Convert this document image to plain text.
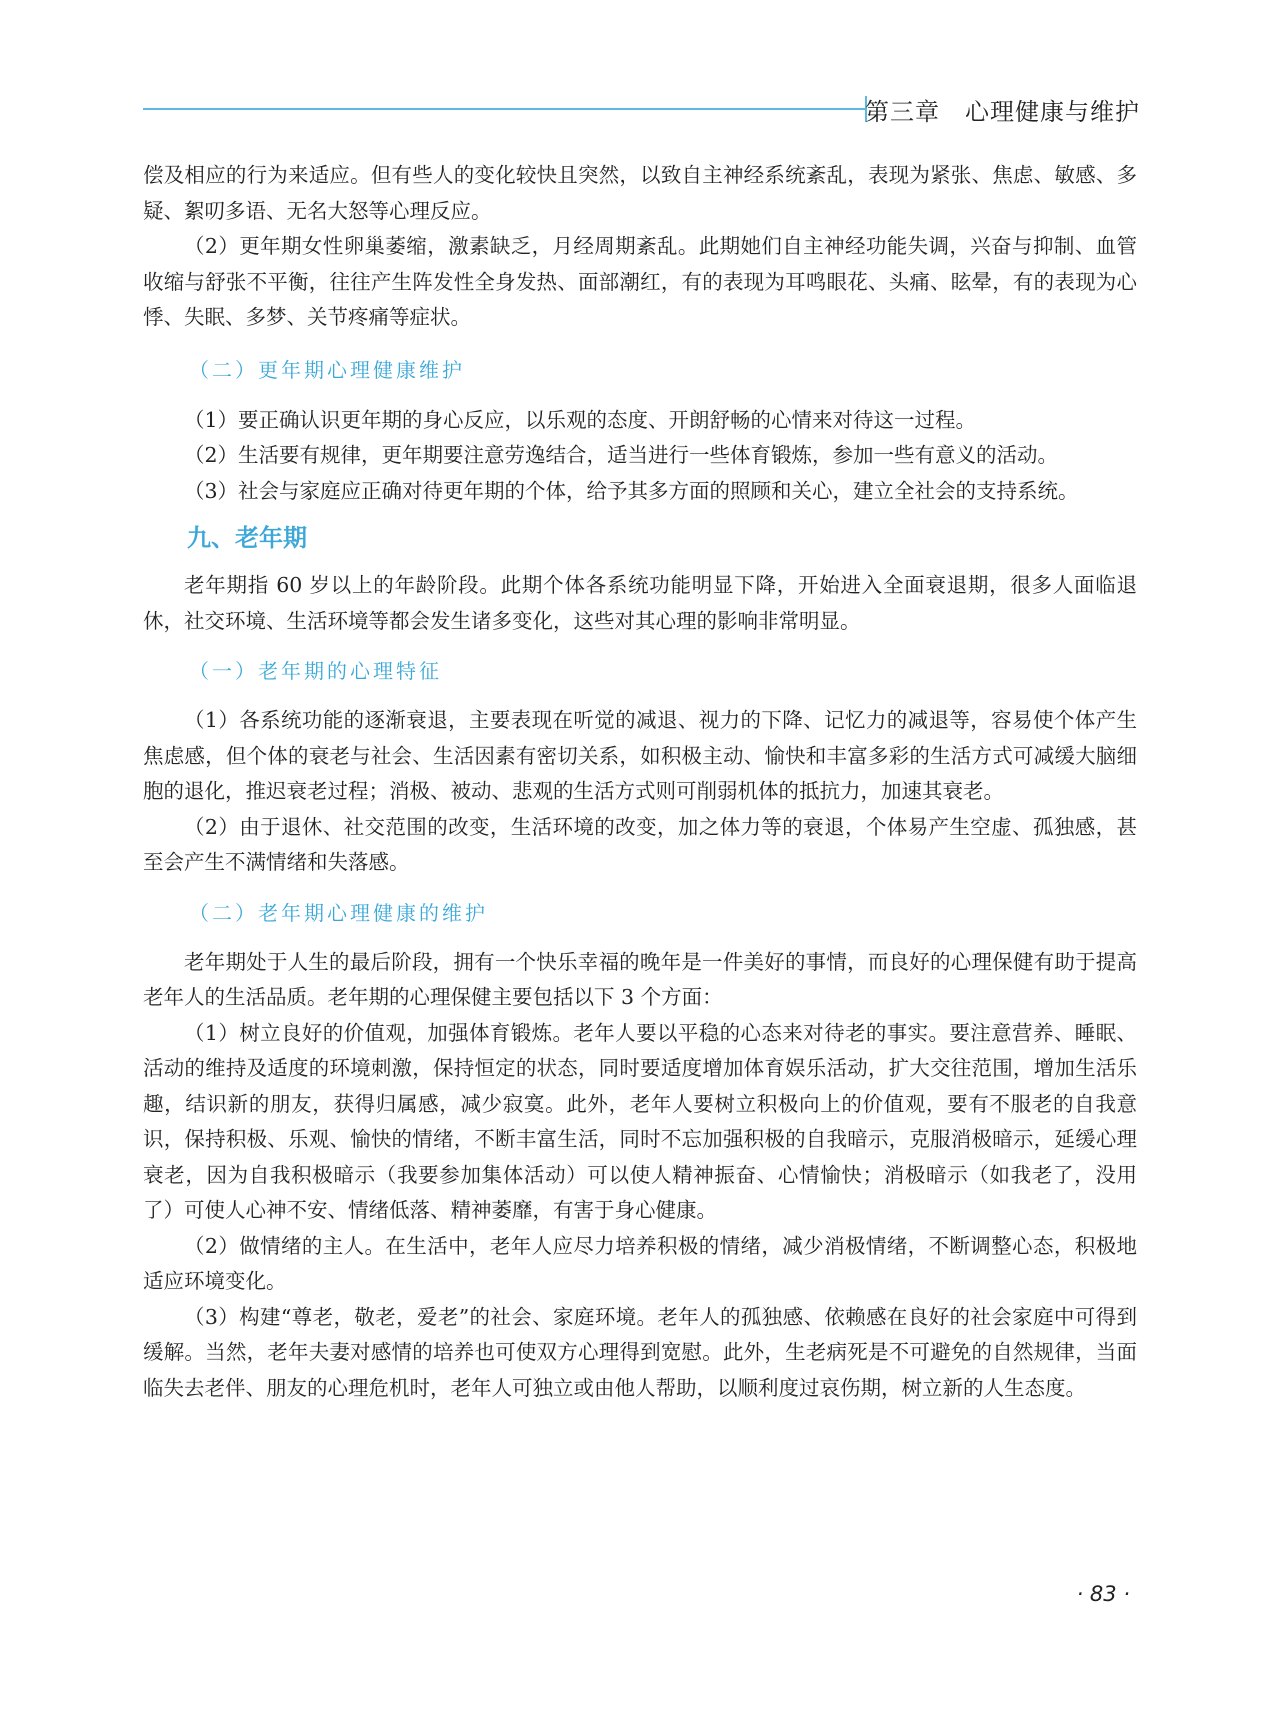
第三章　心理健康与维护

偿及相应的行为来适应。但有些人的变化较快且突然，以致自主神经系统紊乱，表现为紧张、焦虑、敏感、多疑、絮叨多语、无名大怒等心理反应。

（2）更年期女性卵巢萎缩，激素缺乏，月经周期紊乱。此期她们自主神经功能失调，兴奋与抑制、血管收缩与舒张不平衡，往往产生阵发性全身发热、面部潮红，有的表现为耳鸣眼花、头痛、眩晕，有的表现为心悸、失眠、多梦、关节疼痛等症状。

（二）更年期心理健康维护

（1）要正确认识更年期的身心反应，以乐观的态度、开朗舒畅的心情来对待这一过程。

（2）生活要有规律，更年期要注意劳逸结合，适当进行一些体育锻炼，参加一些有意义的活动。

（3）社会与家庭应正确对待更年期的个体，给予其多方面的照顾和关心，建立全社会的支持系统。

九、老年期

老年期指 60 岁以上的年龄阶段。此期个体各系统功能明显下降，开始进入全面衰退期，很多人面临退休，社交环境、生活环境等都会发生诸多变化，这些对其心理的影响非常明显。

（一）老年期的心理特征

（1）各系统功能的逐渐衰退，主要表现在听觉的减退、视力的下降、记忆力的减退等，容易使个体产生焦虑感，但个体的衰老与社会、生活因素有密切关系，如积极主动、愉快和丰富多彩的生活方式可减缓大脑细胞的退化，推迟衰老过程；消极、被动、悲观的生活方式则可削弱机体的抵抗力，加速其衰老。

（2）由于退休、社交范围的改变，生活环境的改变，加之体力等的衰退，个体易产生空虚、孤独感，甚至会产生不满情绪和失落感。

（二）老年期心理健康的维护

老年期处于人生的最后阶段，拥有一个快乐幸福的晚年是一件美好的事情，而良好的心理保健有助于提高老年人的生活品质。老年期的心理保健主要包括以下 3 个方面：

（1）树立良好的价值观，加强体育锻炼。老年人要以平稳的心态来对待老的事实。要注意营养、睡眠、活动的维持及适度的环境刺激，保持恒定的状态，同时要适度增加体育娱乐活动，扩大交往范围，增加生活乐趣，结识新的朋友，获得归属感，减少寂寞。此外，老年人要树立积极向上的价值观，要有不服老的自我意识，保持积极、乐观、愉快的情绪，不断丰富生活，同时不忘加强积极的自我暗示，克服消极暗示，延缓心理衰老，因为自我积极暗示（我要参加集体活动）可以使人精神振奋、心情愉快；消极暗示（如我老了，没用了）可使人心神不安、情绪低落、精神萎靡，有害于身心健康。

（2）做情绪的主人。在生活中，老年人应尽力培养积极的情绪，减少消极情绪，不断调整心态，积极地适应环境变化。

（3）构建“尊老，敬老，爱老”的社会、家庭环境。老年人的孤独感、依赖感在良好的社会家庭中可得到缓解。当然，老年夫妻对感情的培养也可使双方心理得到宽慰。此外，生老病死是不可避免的自然规律，当面临失去老伴、朋友的心理危机时，老年人可独立或由他人帮助，以顺利度过哀伤期，树立新的人生态度。

· 83 ·
